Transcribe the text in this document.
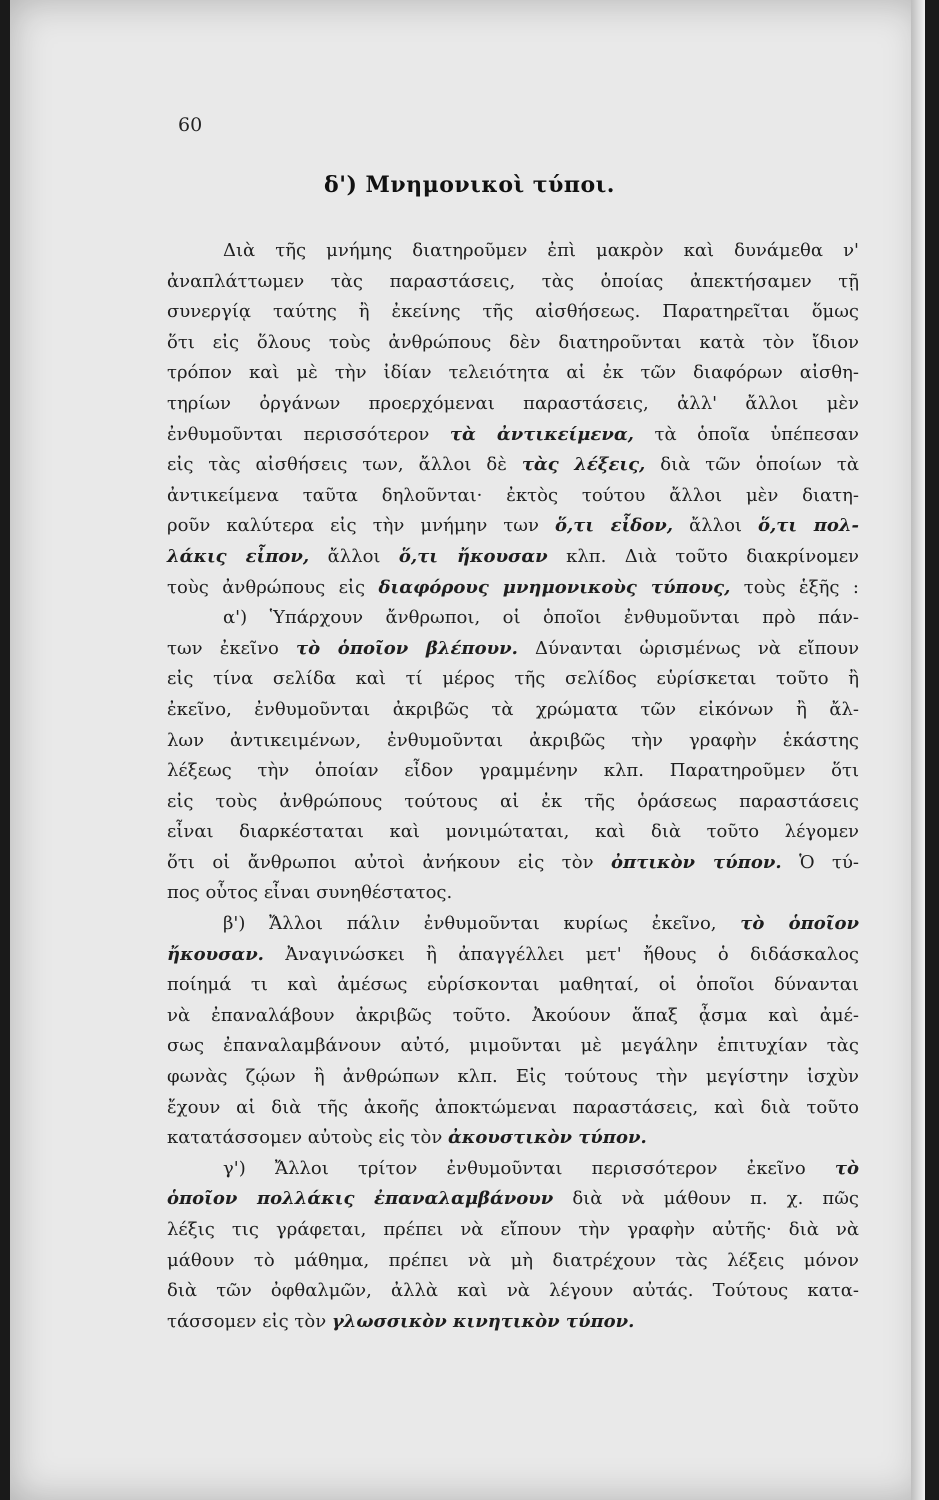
60
δ') Μνημονικοὶ τύποι.
Διὰ τῆς μνήμης διατηροῦμεν ἐπὶ μακρὸν καὶ δυνάμεθα ν'
ἀναπλάττωμεν τὰς παραστάσεις, τὰς ὁποίας ἀπεκτήσαμεν τῇ
συνεργίᾳ ταύτης ἢ ἐκείνης τῆς αἰσθήσεως. Παρατηρεῖται ὅμως
ὅτι εἰς ὅλους τοὺς ἀνθρώπους δὲν διατηροῦνται κατὰ τὸν ἴδιον
τρόπον καὶ μὲ τὴν ἰδίαν τελειότητα αἱ ἐκ τῶν διαφόρων αἰσθη-
τηρίων ὀργάνων προερχόμεναι παραστάσεις, ἀλλ' ἄλλοι μὲν
ἐνθυμοῦνται περισσότερον τὰ ἀντικείμενα, τὰ ὁποῖα ὑπέπεσαν
εἰς τὰς αἰσθήσεις των, ἄλλοι δὲ τὰς λέξεις, διὰ τῶν ὁποίων τὰ
ἀντικείμενα ταῦτα δηλοῦνται· ἐκτὸς τούτου ἄλλοι μὲν διατη-
ροῦν καλύτερα εἰς τὴν μνήμην των ὅ,τι εἶδον, ἄλλοι ὅ,τι πολ-
λάκις εἶπον, ἄλλοι ὅ,τι ἤκουσαν κλπ. Διὰ τοῦτο διακρίνομεν
τοὺς ἀνθρώπους εἰς διαφόρους μνημονικοὺς τύπους, τοὺς ἑξῆς :
α') Ὑπάρχουν ἄνθρωποι, οἱ ὁποῖοι ἐνθυμοῦνται πρὸ πάν-
των ἐκεῖνο τὸ ὁποῖον βλέπουν. Δύνανται ὡρισμένως νὰ εἴπουν
εἰς τίνα σελίδα καὶ τί μέρος τῆς σελίδος εὑρίσκεται τοῦτο ἢ
ἐκεῖνο, ἐνθυμοῦνται ἀκριβῶς τὰ χρώματα τῶν εἰκόνων ἢ ἄλ-
λων ἀντικειμένων, ἐνθυμοῦνται ἀκριβῶς τὴν γραφὴν ἑκάστης
λέξεως τὴν ὁποίαν εἶδον γραμμένην κλπ. Παρατηροῦμεν ὅτι
εἰς τοὺς ἀνθρώπους τούτους αἱ ἐκ τῆς ὁράσεως παραστάσεις
εἶναι διαρκέσταται καὶ μονιμώταται, καὶ διὰ τοῦτο λέγομεν
ὅτι οἱ ἄνθρωποι αὐτοὶ ἀνήκουν εἰς τὸν ὀπτικὸν τύπον. Ὁ τύ-
πος οὗτος εἶναι συνηθέστατος.
β') Ἄλλοι πάλιν ἐνθυμοῦνται κυρίως ἐκεῖνο, τὸ ὁποῖον
ἤκουσαν. Ἀναγινώσκει ἢ ἀπαγγέλλει μετ' ἤθους ὁ διδάσκαλος
ποίημά τι καὶ ἀμέσως εὑρίσκονται μαθηταί, οἱ ὁποῖοι δύνανται
νὰ ἐπαναλάβουν ἀκριβῶς τοῦτο. Ἀκούουν ἅπαξ ᾆσμα καὶ ἀμέ-
σως ἐπαναλαμβάνουν αὐτό, μιμοῦνται μὲ μεγάλην ἐπιτυχίαν τὰς
φωνὰς ζῴων ἢ ἀνθρώπων κλπ. Εἰς τούτους τὴν μεγίστην ἰσχὺν
ἔχουν αἱ διὰ τῆς ἀκοῆς ἀποκτώμεναι παραστάσεις, καὶ διὰ τοῦτο
κατατάσσομεν αὐτοὺς εἰς τὸν ἀκουστικὸν τύπον.
γ') Ἄλλοι τρίτον ἐνθυμοῦνται περισσότερον ἐκεῖνο τὸ
ὁποῖον πολλάκις ἐπαναλαμβάνουν διὰ νὰ μάθουν π. χ. πῶς
λέξις τις γράφεται, πρέπει νὰ εἴπουν τὴν γραφὴν αὐτῆς· διὰ νὰ
μάθουν τὸ μάθημα, πρέπει νὰ μὴ διατρέχουν τὰς λέξεις μόνον
διὰ τῶν ὀφθαλμῶν, ἀλλὰ καὶ νὰ λέγουν αὐτάς. Τούτους κατα-
τάσσομεν εἰς τὸν γλωσσικὸν κινητικὸν τύπον.
